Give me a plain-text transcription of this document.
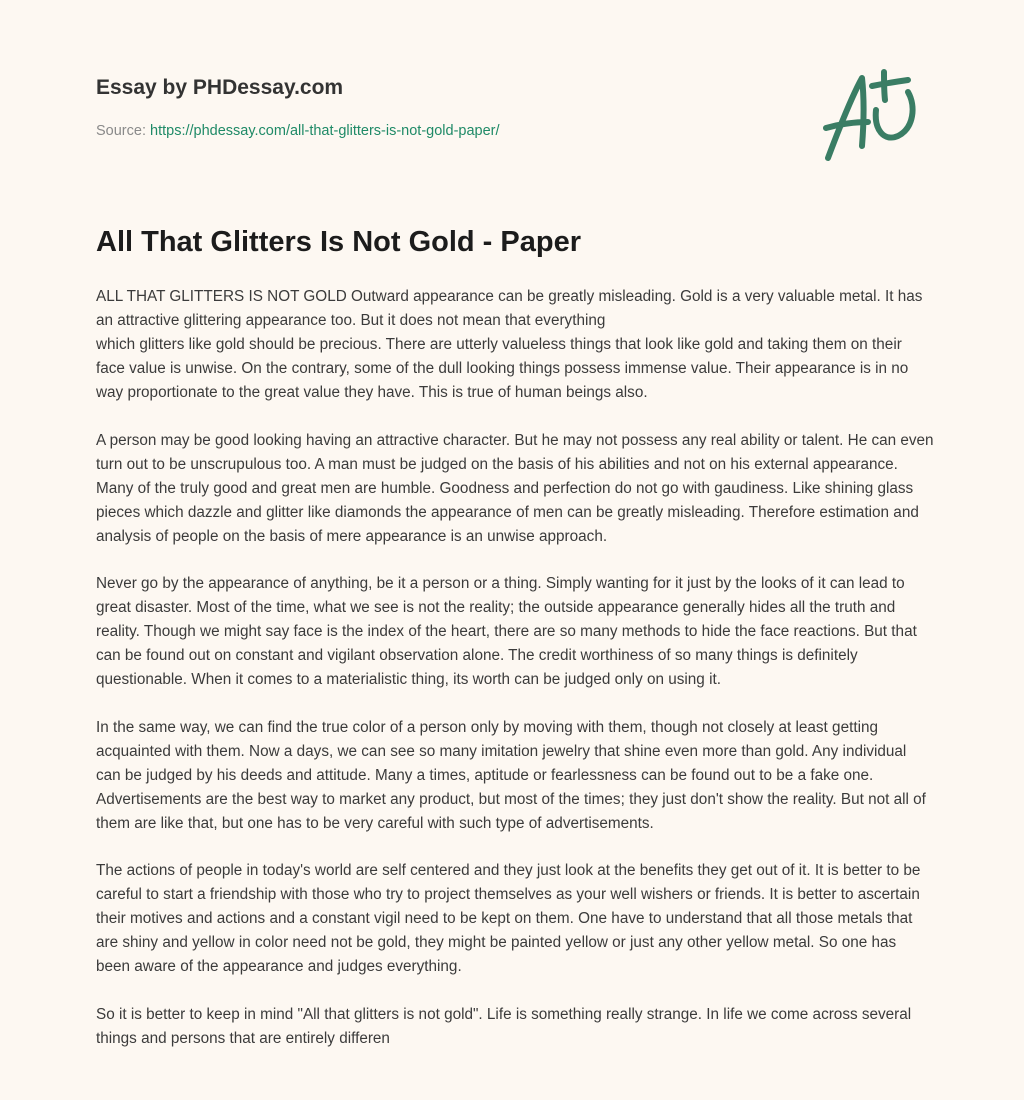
Essay by PHDessay.com
Source: https://phdessay.com/all-that-glitters-is-not-gold-paper/
All That Glitters Is Not Gold - Paper

ALL THAT GLITTERS IS NOT GOLD Outward appearance can be greatly misleading. Gold is a very valuable metal. It has an attractive glittering appearance too. But it does not mean that everything
which glitters like gold should be precious. There are utterly valueless things that look like gold and taking them on their face value is unwise. On the contrary, some of the dull looking things possess immense value. Their appearance is in no way proportionate to the great value they have. This is true of human beings also.

A person may be good looking having an attractive character. But he may not possess any real ability or talent. He can even turn out to be unscrupulous too. A man must be judged on the basis of his abilities and not on his external appearance. Many of the truly good and great men are humble. Goodness and perfection do not go with gaudiness. Like shining glass pieces which dazzle and glitter like diamonds the appearance of men can be greatly misleading. Therefore estimation and analysis of people on the basis of mere appearance is an unwise approach.

Never go by the appearance of anything, be it a person or a thing. Simply wanting for it just by the looks of it can lead to great disaster. Most of the time, what we see is not the reality; the outside appearance generally hides all the truth and reality. Though we might say face is the index of the heart, there are so many methods to hide the face reactions. But that can be found out on constant and vigilant observation alone. The credit worthiness of so many things is definitely questionable. When it comes to a materialistic thing, its worth can be judged only on using it.

In the same way, we can find the true color of a person only by moving with them, though not closely at least getting acquainted with them. Now a days, we can see so many imitation jewelry that shine even more than gold. Any individual can be judged by his deeds and attitude. Many a times, aptitude or fearlessness can be found out to be a fake one. Advertisements are the best way to market any product, but most of the times; they just don't show the reality. But not all of them are like that, but one has to be very careful with such type of advertisements.

The actions of people in today's world are self centered and they just look at the benefits they get out of it. It is better to be careful to start a friendship with those who try to project themselves as your well wishers or friends. It is better to ascertain their motives and actions and a constant vigil need to be kept on them. One have to understand that all those metals that are shiny and yellow in color need not be gold, they might be painted yellow or just any other yellow metal. So one has been aware of the appearance and judges everything.

So it is better to keep in mind "All that glitters is not gold". Life is something really strange. In life we come across several things and persons that are entirely differen
